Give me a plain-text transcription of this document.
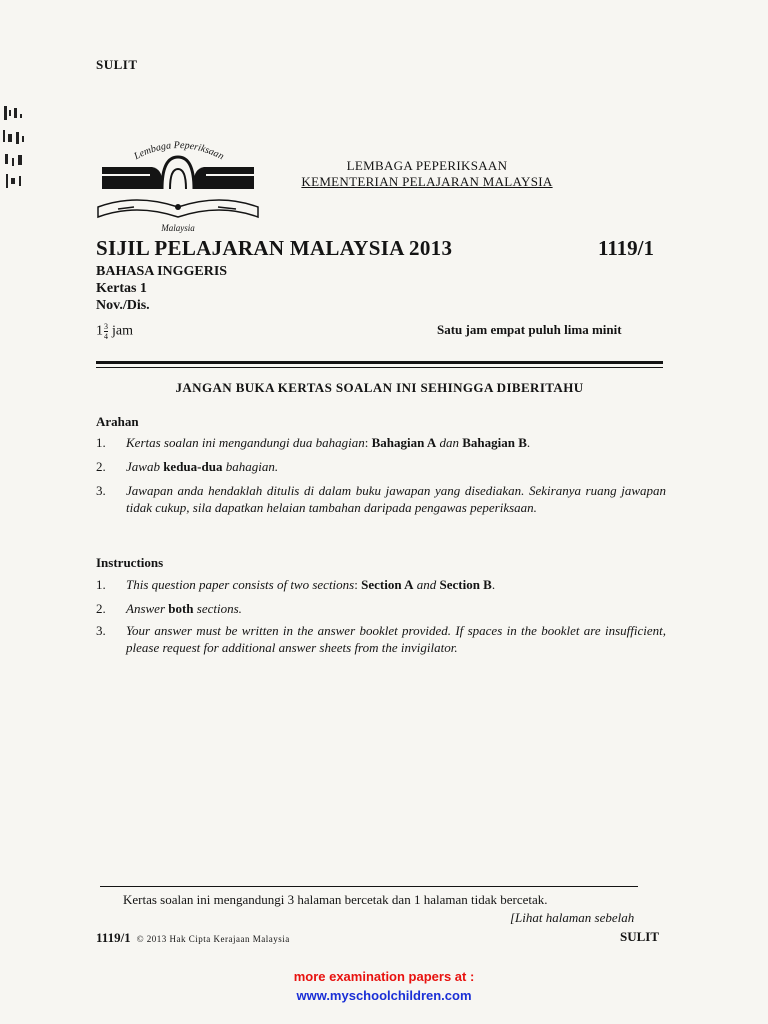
SULIT
Lembaga Peperiksaan
Malaysia
LEMBAGA PEPERIKSAAN
KEMENTERIAN PELAJARAN MALAYSIA
SIJIL PELAJARAN MALAYSIA 2013	1119/1
BAHASA INGGERIS
Kertas 1
Nov./Dis.
$1 \frac{3}{4}$ jam	Satu jam empat puluh lima minit
JANGAN BUKA KERTAS SOALAN INI SEHINGGA DIBERITAHU
Arahan
1. Kertas soalan ini mengandungi dua bahagian: Bahagian A dan Bahagian B.
2. Jawab kedua-dua bahagian.
3. Jawapan anda hendaklah ditulis di dalam buku jawapan yang disediakan. Sekiranya ruang jawapan tidak cukup, sila dapatkan helaian tambahan daripada pengawas peperiksaan.
Instructions
1. This question paper consists of two sections: Section A and Section B.
2. Answer both sections.
3. Your answer must be written in the answer booklet provided. If spaces in the booklet are insufficient, please request for additional answer sheets from the invigilator.
Kertas soalan ini mengandungi 3 halaman bercetak dan 1 halaman tidak bercetak.
[Lihat halaman sebelah
1119/1 © 2013 Hak Cipta Kerajaan Malaysia	SULIT
more examination papers at :
www.myschoolchildren.com
